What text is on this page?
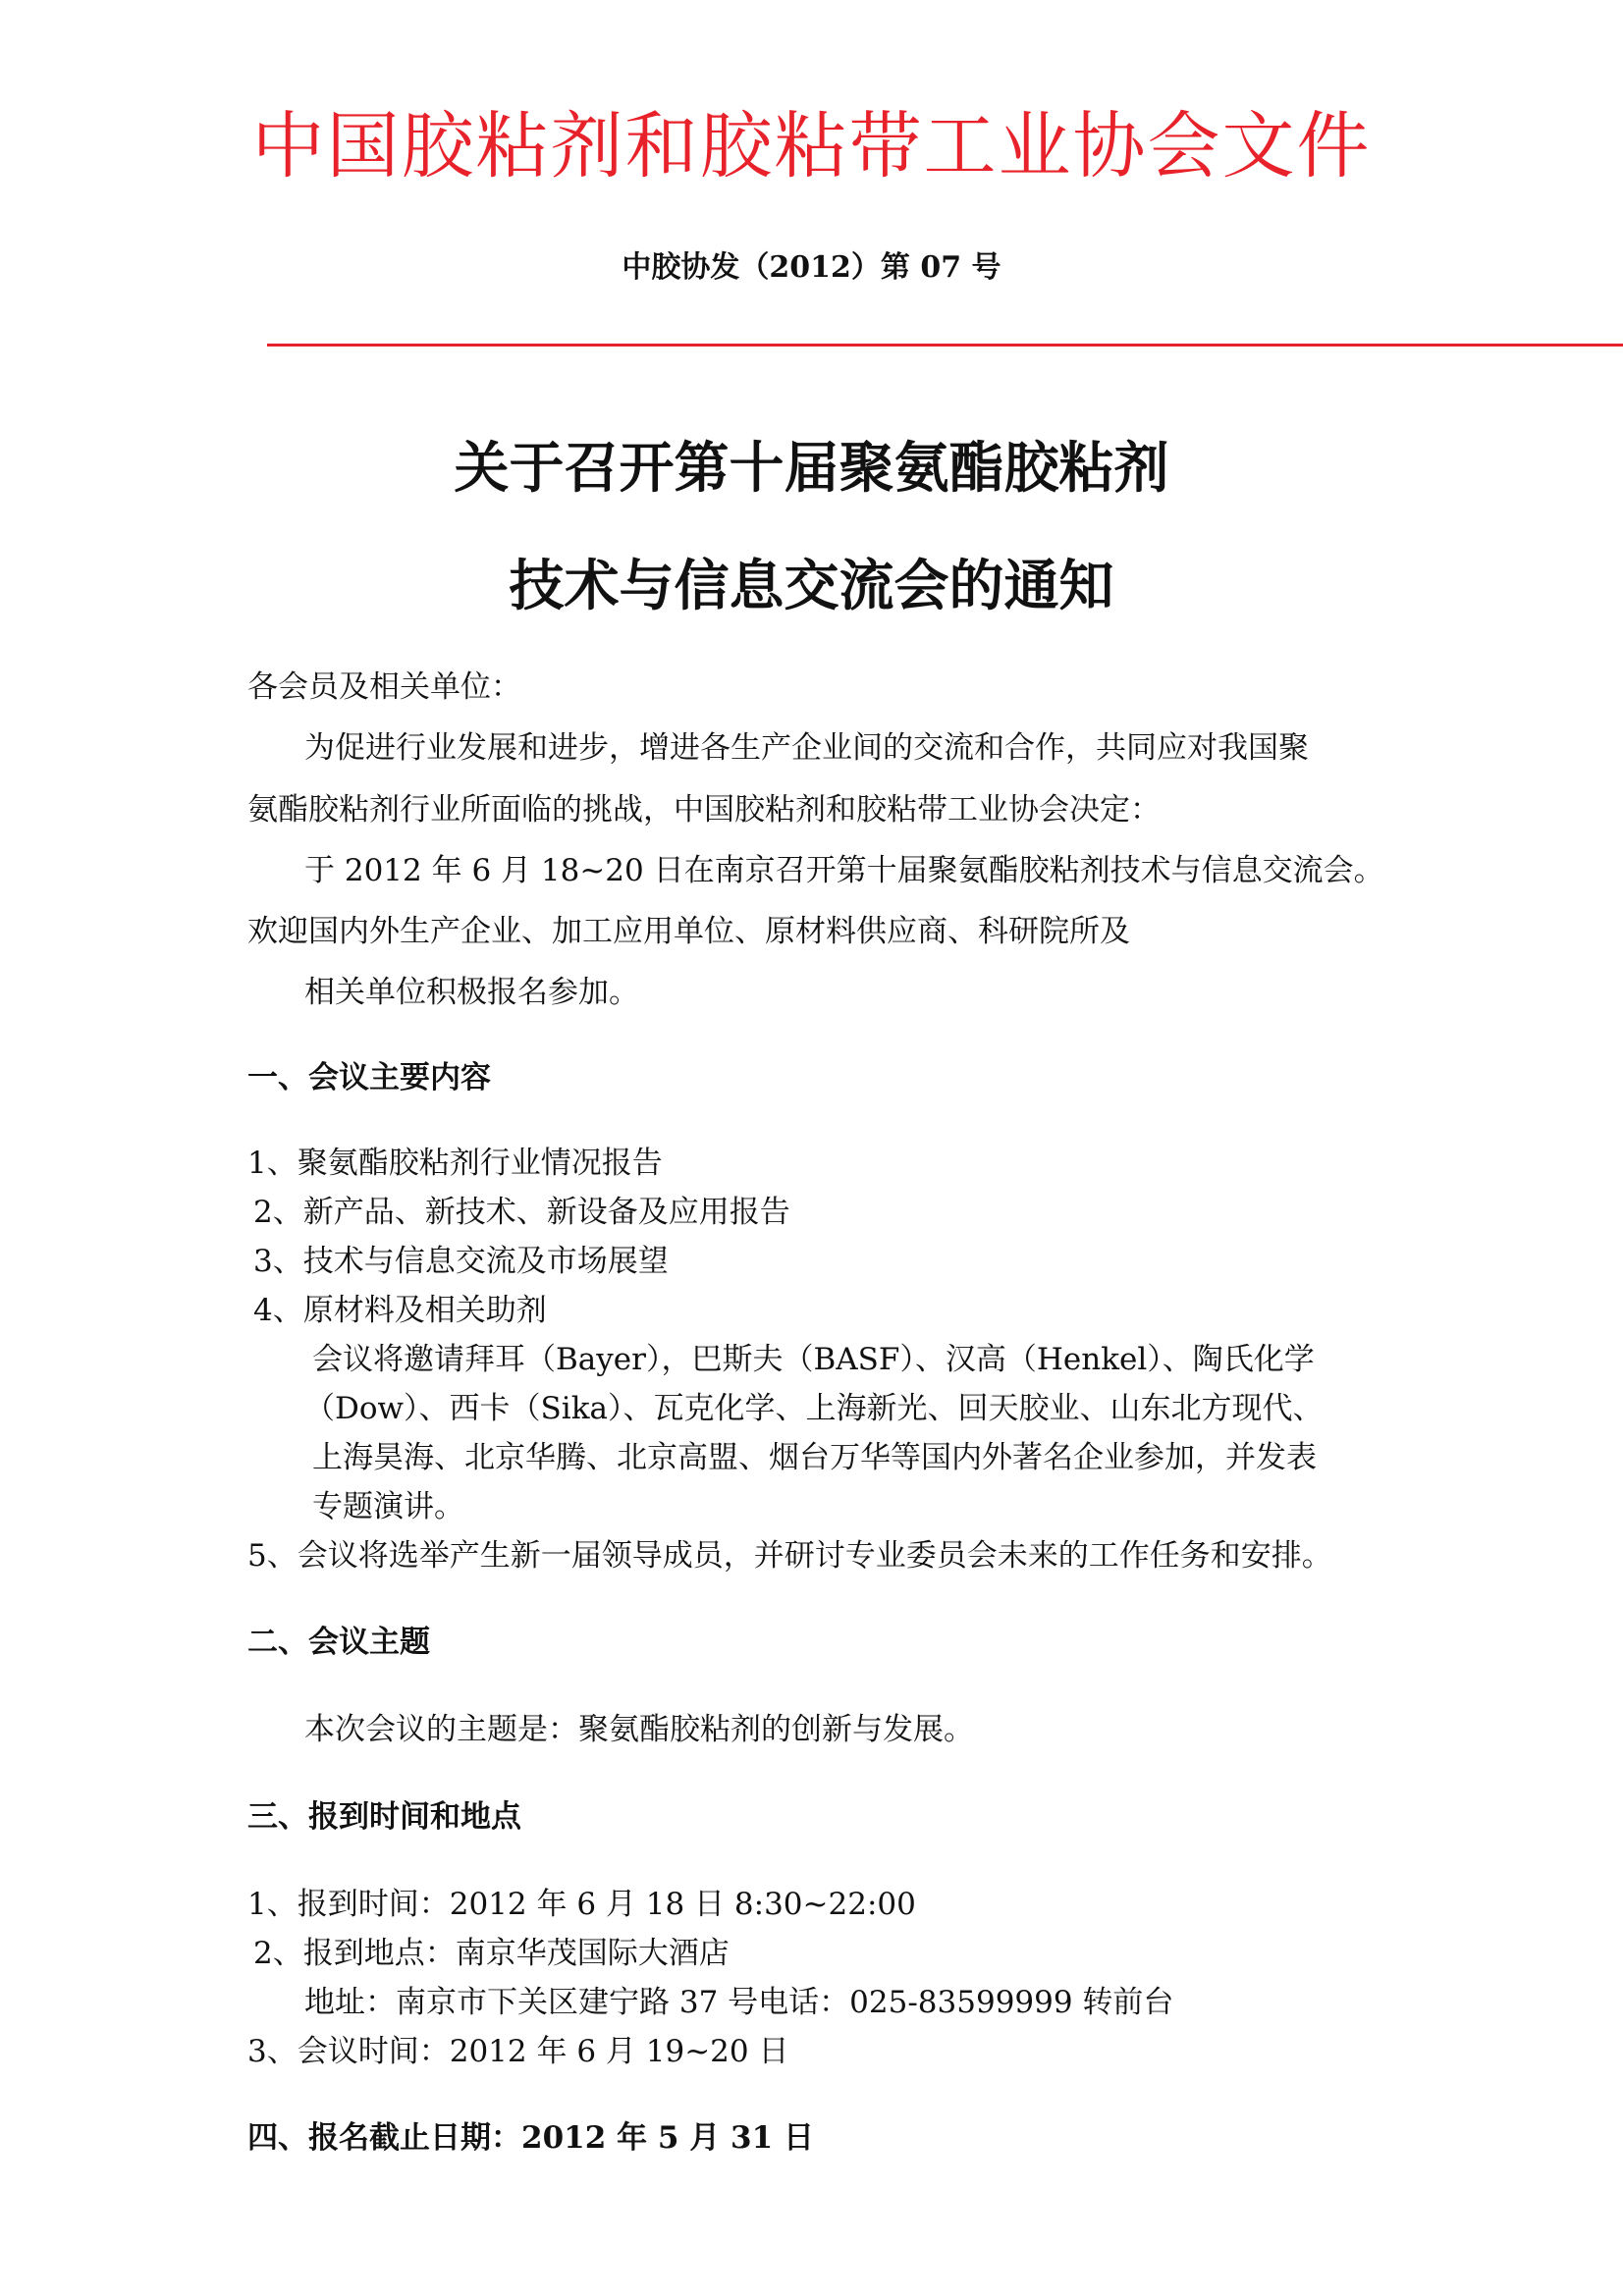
中国胶粘剂和胶粘带工业协会文件
中胶协发（2012）第 07 号
关于召开第十届聚氨酯胶粘剂
技术与信息交流会的通知
各会员及相关单位：
为促进行业发展和进步，增进各生产企业间的交流和合作，共同应对我国聚
氨酯胶粘剂行业所面临的挑战，中国胶粘剂和胶粘带工业协会决定：
于 2012 年 6 月 18~20 日在南京召开第十届聚氨酯胶粘剂技术与信息交流会。
欢迎国内外生产企业、加工应用单位、原材料供应商、科研院所及
相关单位积极报名参加。
一、会议主要内容
1、聚氨酯胶粘剂行业情况报告
2、新产品、新技术、新设备及应用报告
3、技术与信息交流及市场展望
4、原材料及相关助剂
会议将邀请拜耳（Bayer），巴斯夫（BASF）、汉高（Henkel）、陶氏化学
（Dow）、西卡（Sika）、瓦克化学、上海新光、回天胶业、山东北方现代、
上海昊海、北京华腾、北京高盟、烟台万华等国内外著名企业参加，并发表
专题演讲。
5、会议将选举产生新一届领导成员，并研讨专业委员会未来的工作任务和安排。
二、会议主题
本次会议的主题是：聚氨酯胶粘剂的创新与发展。
三、报到时间和地点
1、报到时间：2012 年 6 月 18 日 8:30~22:00
2、报到地点：南京华茂国际大酒店
地址：南京市下关区建宁路 37 号电话：025-83599999 转前台
3、会议时间：2012 年 6 月 19~20 日
四、报名截止日期：2012 年 5 月 31 日
